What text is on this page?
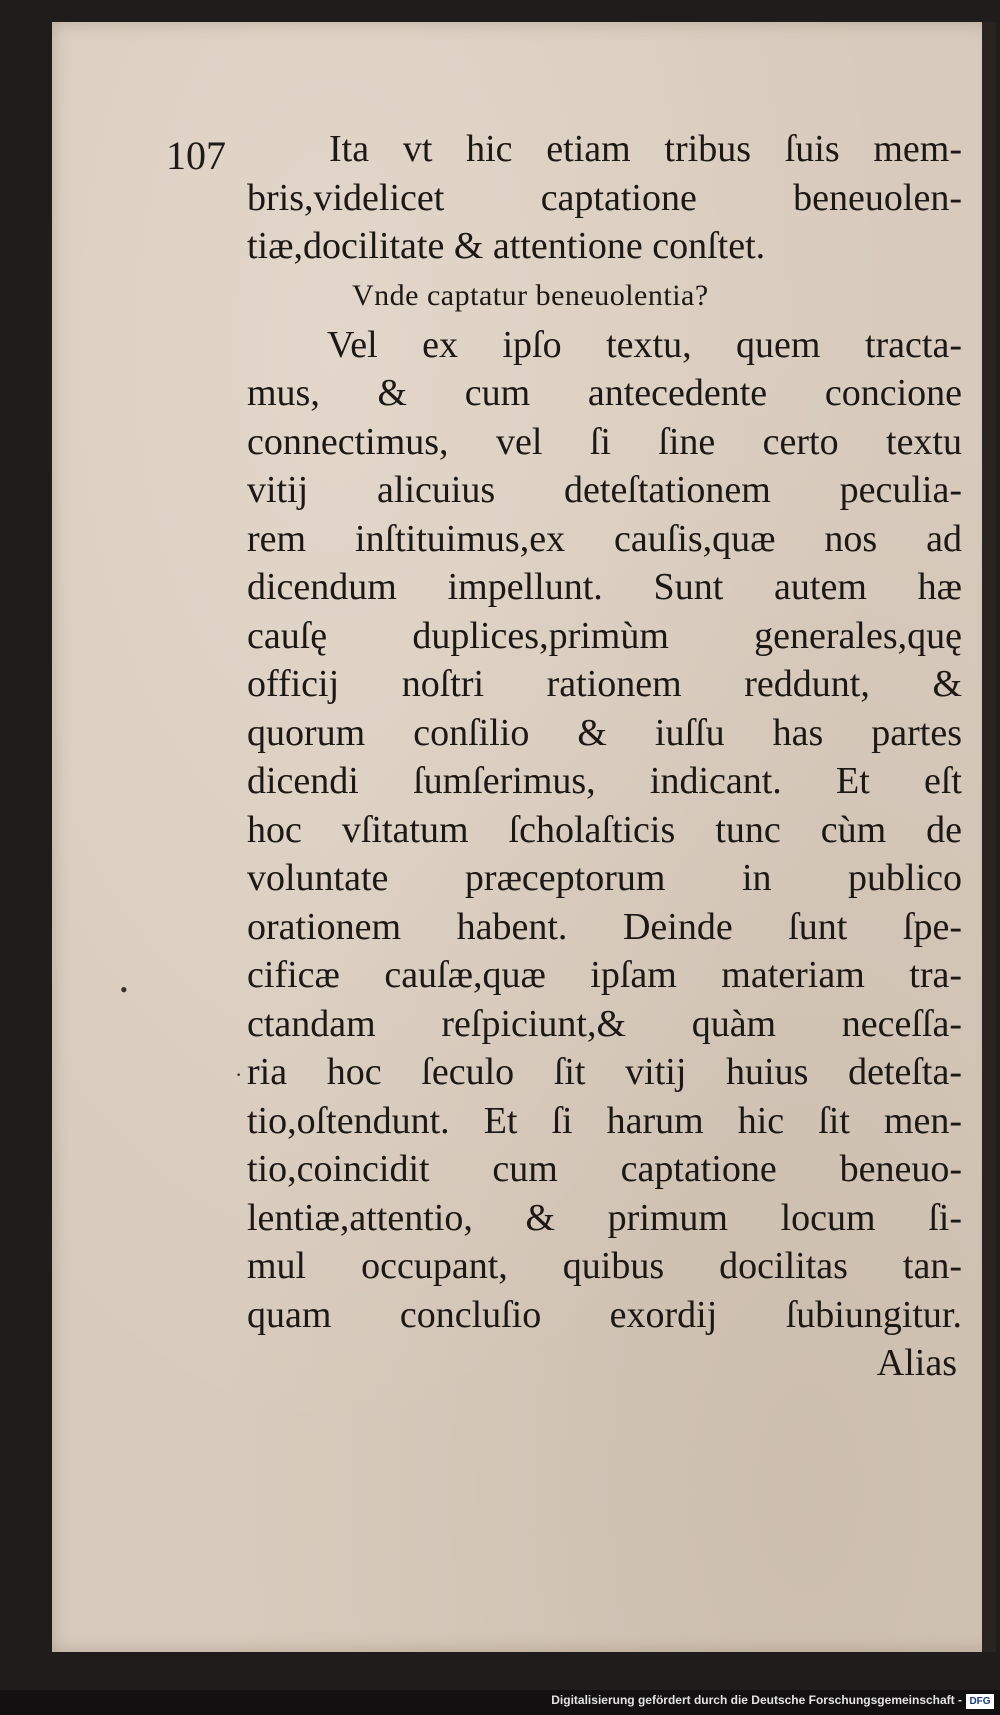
107	Ita vt hic etiam tribus ſuis mem-
bris,videlicet captatione beneuolen-
tiæ,docilitate & attentione conſtet.
Vnde captatur beneuolentia?
Vel ex ipſo textu, quem tracta-
mus, & cum antecedente concione
connectimus, vel ſi ſine certo textu
vitij alicuius deteſtationem peculia-
rem inſtituimus,ex cauſis,quæ nos ad
dicendum impellunt. Sunt autem hæ
cauſę duplices,primùm generales,quę
officij noſtri rationem reddunt, &
quorum conſilio & iuſſu has partes
dicendi ſumſerimus, indicant. Et eſt
hoc vſitatum ſcholaſticis tunc cùm de
voluntate præceptorum in publico
orationem habent. Deinde ſunt ſpe-
cificæ cauſæ,quæ ipſam materiam tra-
ctandam reſpiciunt,& quàm neceſſa-
ria hoc ſeculo ſit vitij huius deteſta-
tio,oſtendunt. Et ſi harum hic ſit men-
tio,coincidit cum captatione beneuo-
lentiæ,attentio, & primum locum ſi-
mul occupant, quibus docilitas tan-
quam concluſio exordij ſubiungitur.
Alias
•
·
Digitalisierung gefördert durch die Deutsche Forschungsgemeinschaft - DFG
